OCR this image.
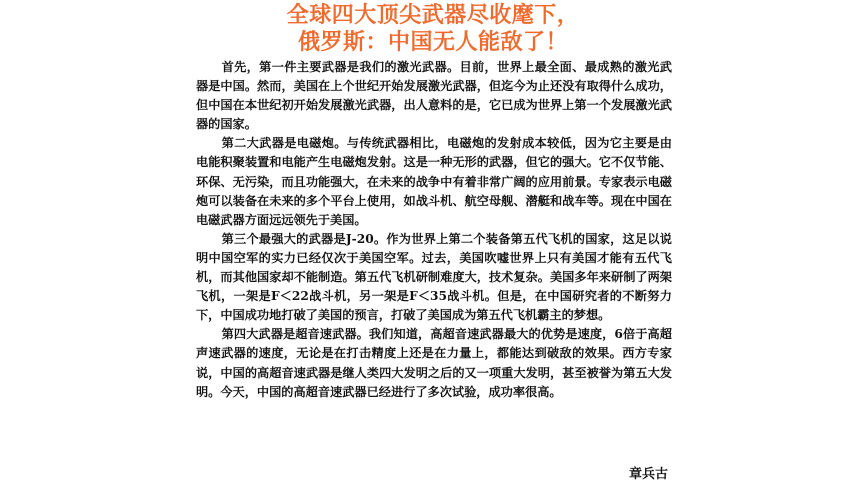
全球四大顶尖武器尽收麾下，
俄罗斯：中国无人能敌了！

首先，第一件主要武器是我们的激光武器。目前，世界上最全面、最成熟的激光武器是中国。然而，美国在上个世纪开始发展激光武器，但迄今为止还没有取得什么成功，但中国在本世纪初开始发展激光武器，出人意料的是，它已成为世界上第一个发展激光武器的国家。

第二大武器是电磁炮。与传统武器相比，电磁炮的发射成本较低，因为它主要是由电能积聚装置和电能产生电磁炮发射。这是一种无形的武器，但它的强大。它不仅节能、环保、无污染，而且功能强大，在未来的战争中有着非常广阔的应用前景。专家表示电磁炮可以装备在未来的多个平台上使用，如战斗机、航空母舰、潜艇和战车等。现在中国在电磁武器方面远远领先于美国。

第三个最强大的武器是J-20。作为世界上第二个装备第五代飞机的国家，这足以说明中国空军的实力已经仅次于美国空军。过去，美国吹嘘世界上只有美国才能有五代飞机，而其他国家却不能制造。第五代飞机研制难度大，技术复杂。美国多年来研制了两架飞机，一架是F＜22战斗机，另一架是F＜35战斗机。但是，在中国研究者的不断努力下，中国成功地打破了美国的预言，打破了美国成为第五代飞机霸主的梦想。

第四大武器是超音速武器。我们知道，高超音速武器最大的优势是速度，6倍于高超声速武器的速度，无论是在打击精度上还是在力量上，都能达到破敌的效果。西方专家说，中国的高超音速武器是继人类四大发明之后的又一项重大发明，甚至被誉为第五大发明。今天，中国的高超音速武器已经进行了多次试验，成功率很高。

章兵古
